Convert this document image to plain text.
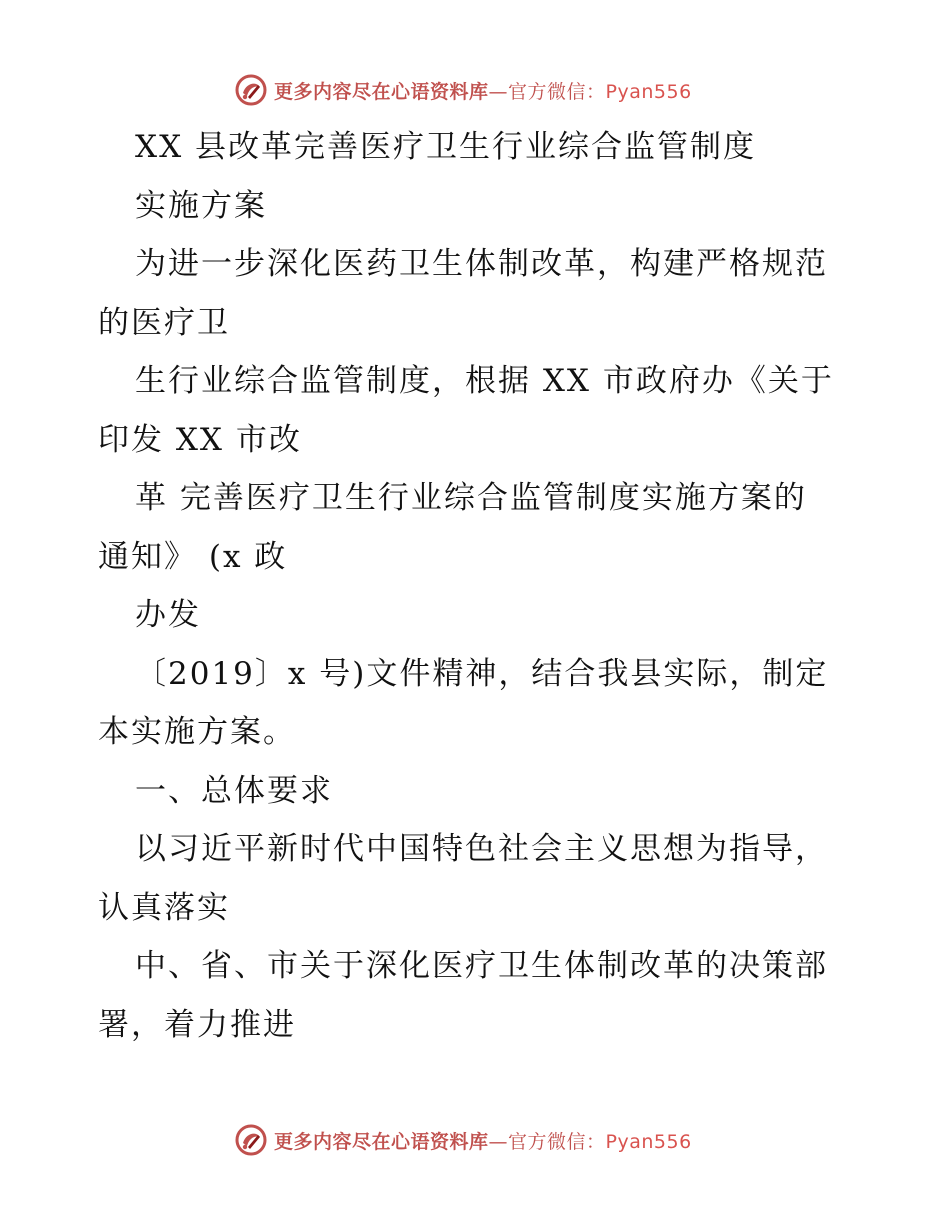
更多内容尽在心语资料库—官方微信：Pyan556
XX 县改革完善医疗卫生行业综合监管制度
实施方案
为进一步深化医药卫生体制改革，构建严格规范
的医疗卫
生行业综合监管制度，根据 XX 市政府办《关于
印发 XX 市改
革 完善医疗卫生行业综合监管制度实施方案的
通知》 (x 政
办发
〔2019〕x 号)文件精神，结合我县实际，制定
本实施方案。
一、总体要求
以习近平新时代中国特色社会主义思想为指导，
认真落实
中、省、市关于深化医疗卫生体制改革的决策部
署，着力推进
更多内容尽在心语资料库—官方微信：Pyan556
